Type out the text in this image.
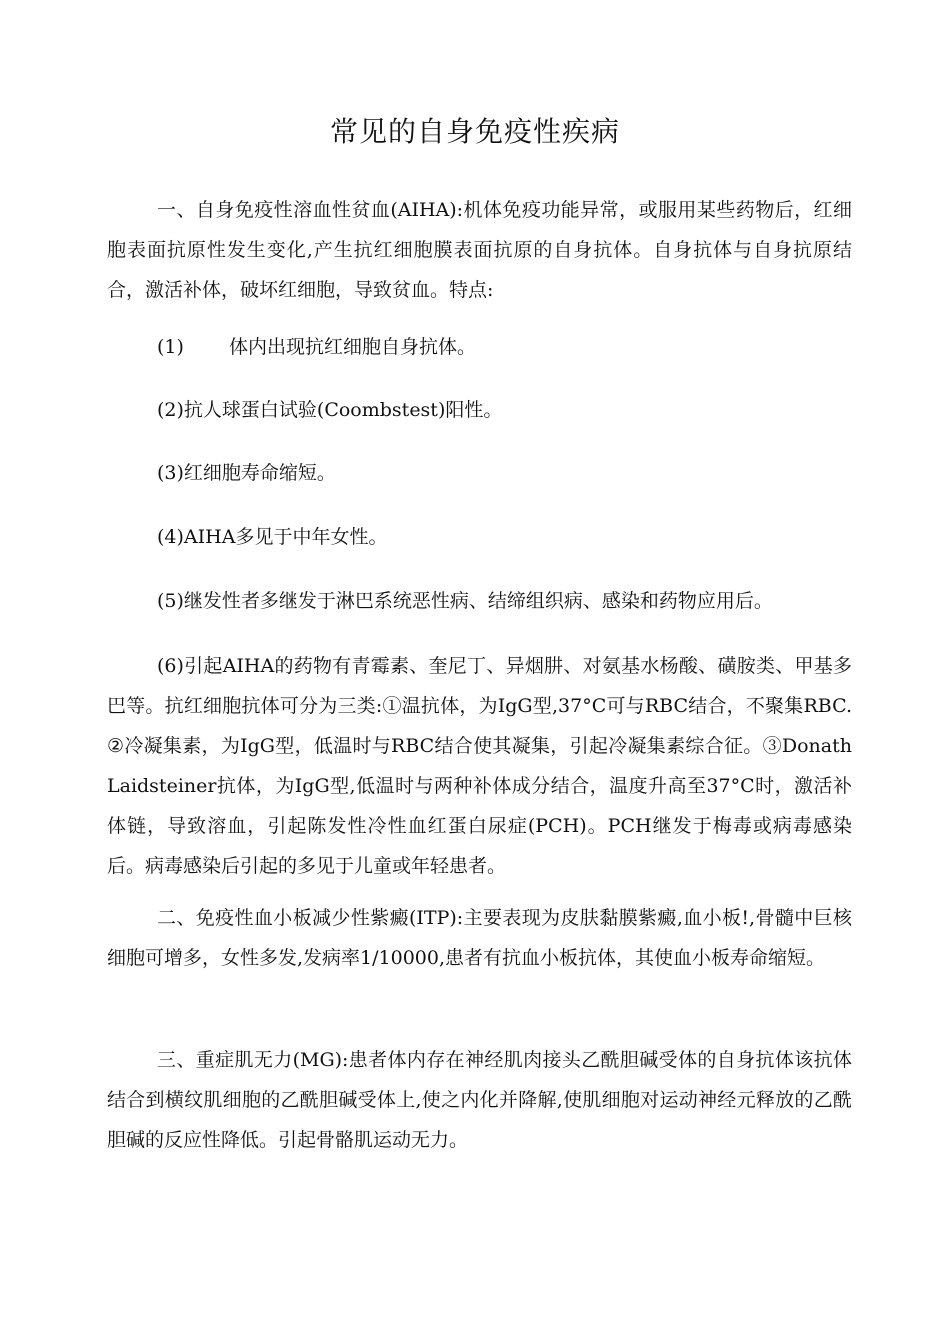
常见的自身免疫性疾病

一、自身免疫性溶血性贫血(AIHA):机体免疫功能异常，或服用某些药物后，红细胞表面抗原性发生变化,产生抗红细胞膜表面抗原的自身抗体。自身抗体与自身抗原结合，激活补体，破坏红细胞，导致贫血。特点:

(1) 体内出现抗红细胞自身抗体。

(2)抗人球蛋白试验(Coombstest)阳性。

(3)红细胞寿命缩短。

(4)AIHA多见于中年女性。

(5)继发性者多继发于淋巴系统恶性病、结缔组织病、感染和药物应用后。

(6)引起AIHA的药物有青霉素、奎尼丁、异烟肼、对氨基水杨酸、磺胺类、甲基多巴等。抗红细胞抗体可分为三类:①温抗体，为IgG型,37°C可与RBC结合，不聚集RBC.②冷凝集素，为IgG型，低温时与RBC结合使其凝集，引起冷凝集素综合征。③DonathLaidsteiner抗体，为IgG型,低温时与两种补体成分结合，温度升高至37°C时，激活补体链，导致溶血，引起陈发性冷性血红蛋白尿症(PCH)。PCH继发于梅毒或病毒感染后。病毒感染后引起的多见于儿童或年轻患者。

二、免疫性血小板减少性紫癜(ITP):主要表现为皮肤黏膜紫癜,血小板!,骨髓中巨核细胞可增多，女性多发,发病率1/10000,患者有抗血小板抗体，其使血小板寿命缩短。

三、重症肌无力(MG):患者体内存在神经肌肉接头乙酰胆碱受体的自身抗体该抗体结合到横纹肌细胞的乙酰胆碱受体上,使之内化并降解,使肌细胞对运动神经元释放的乙酰胆碱的反应性降低。引起骨骼肌运动无力。
